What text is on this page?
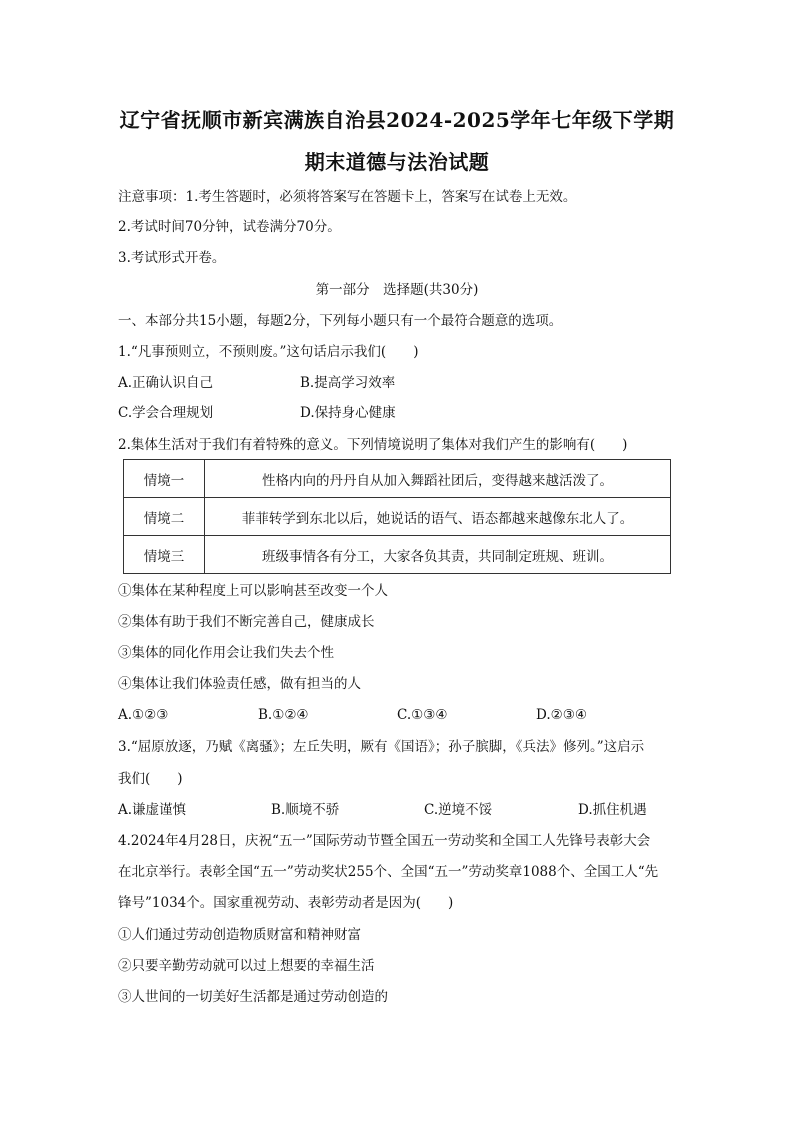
辽宁省抚顺市新宾满族自治县2024-2025学年七年级下学期
期末道德与法治试题
注意事项：1.考生答题时，必须将答案写在答题卡上，答案写在试卷上无效。
2.考试时间70分钟，试卷满分70分。
3.考试形式开卷。
第一部分　选择题(共30分)
一、本部分共15小题，每题2分，下列每小题只有一个最符合题意的选项。
1.“凡事预则立，不预则废。”这句话启示我们(　　)
A.正确认识自己	B.提高学习效率
C.学会合理规划	D.保持身心健康
2.集体生活对于我们有着特殊的意义。下列情境说明了集体对我们产生的影响有(　　)
情境一	性格内向的丹丹自从加入舞蹈社团后，变得越来越活泼了。
情境二	菲菲转学到东北以后，她说话的语气、语态都越来越像东北人了。
情境三	班级事情各有分工，大家各负其责，共同制定班规、班训。
①集体在某种程度上可以影响甚至改变一个人
②集体有助于我们不断完善自己，健康成长
③集体的同化作用会让我们失去个性
④集体让我们体验责任感，做有担当的人
A.①②③	B.①②④	C.①③④	D.②③④
3.“屈原放逐，乃赋《离骚》；左丘失明，厥有《国语》；孙子膑脚，《兵法》修列。”这启示
我们(　　)
A.谦虚谨慎	B.顺境不骄	C.逆境不馁	D.抓住机遇
4.2024年4月28日，庆祝“五一”国际劳动节暨全国五一劳动奖和全国工人先锋号表彰大会
在北京举行。表彰全国“五一”劳动奖状255个、全国“五一”劳动奖章1088个、全国工人“先
锋号”1034个。国家重视劳动、表彰劳动者是因为(　　)
①人们通过劳动创造物质财富和精神财富
②只要辛勤劳动就可以过上想要的幸福生活
③人世间的一切美好生活都是通过劳动创造的
